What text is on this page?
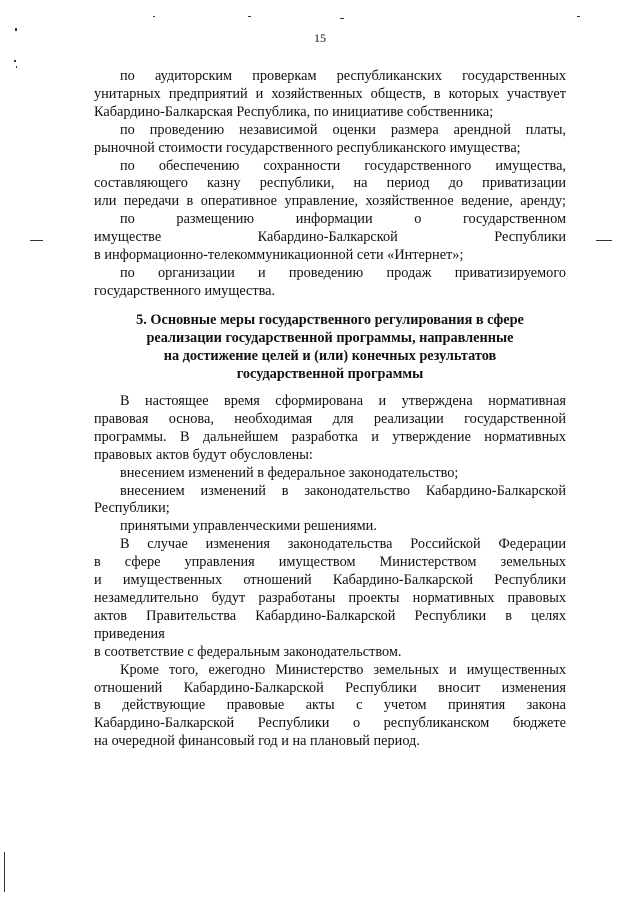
15

по аудиторским проверкам республиканских государственных

унитарных предприятий и хозяйственных обществ, в которых участвует

Кабардино-Балкарская Республика, по инициативе собственника;

по проведению независимой оценки размера арендной платы,

рыночной стоимости государственного республиканского имущества;

по обеспечению сохранности государственного имущества,

составляющего казну республики, на период до приватизации

или передачи в оперативное управление, хозяйственное ведение, аренду;

по размещению информации о государственном

имуществе Кабардино-Балкарской Республики

в информационно-телекоммуникационной сети «Интернет»;

по организации и проведению продаж приватизируемого

государственного имущества.

5. Основные меры государственного регулирования в сфере
реализации государственной программы, направленные
на достижение целей и (или) конечных результатов
государственной программы

В настоящее время сформирована и утверждена нормативная

правовая основа, необходимая для реализации государственной

программы. В дальнейшем разработка и утверждение нормативных

правовых актов будут обусловлены:

внесением изменений в федеральное законодательство;

внесением изменений в законодательство Кабардино-Балкарской

Республики;

принятыми управленческими решениями.

В случае изменения законодательства Российской Федерации

в сфере управления имуществом Министерством земельных

и имущественных отношений Кабардино-Балкарской Республики

незамедлительно будут разработаны проекты нормативных правовых

актов Правительства Кабардино-Балкарской Республики в целях

приведения

в соответствие с федеральным законодательством.

Кроме того, ежегодно Министерство земельных и имущественных

отношений Кабардино-Балкарской Республики вносит изменения

в действующие правовые акты с учетом принятия закона

Кабардино-Балкарской Республики о республиканском бюджете

на очередной финансовый год и на плановый период.
